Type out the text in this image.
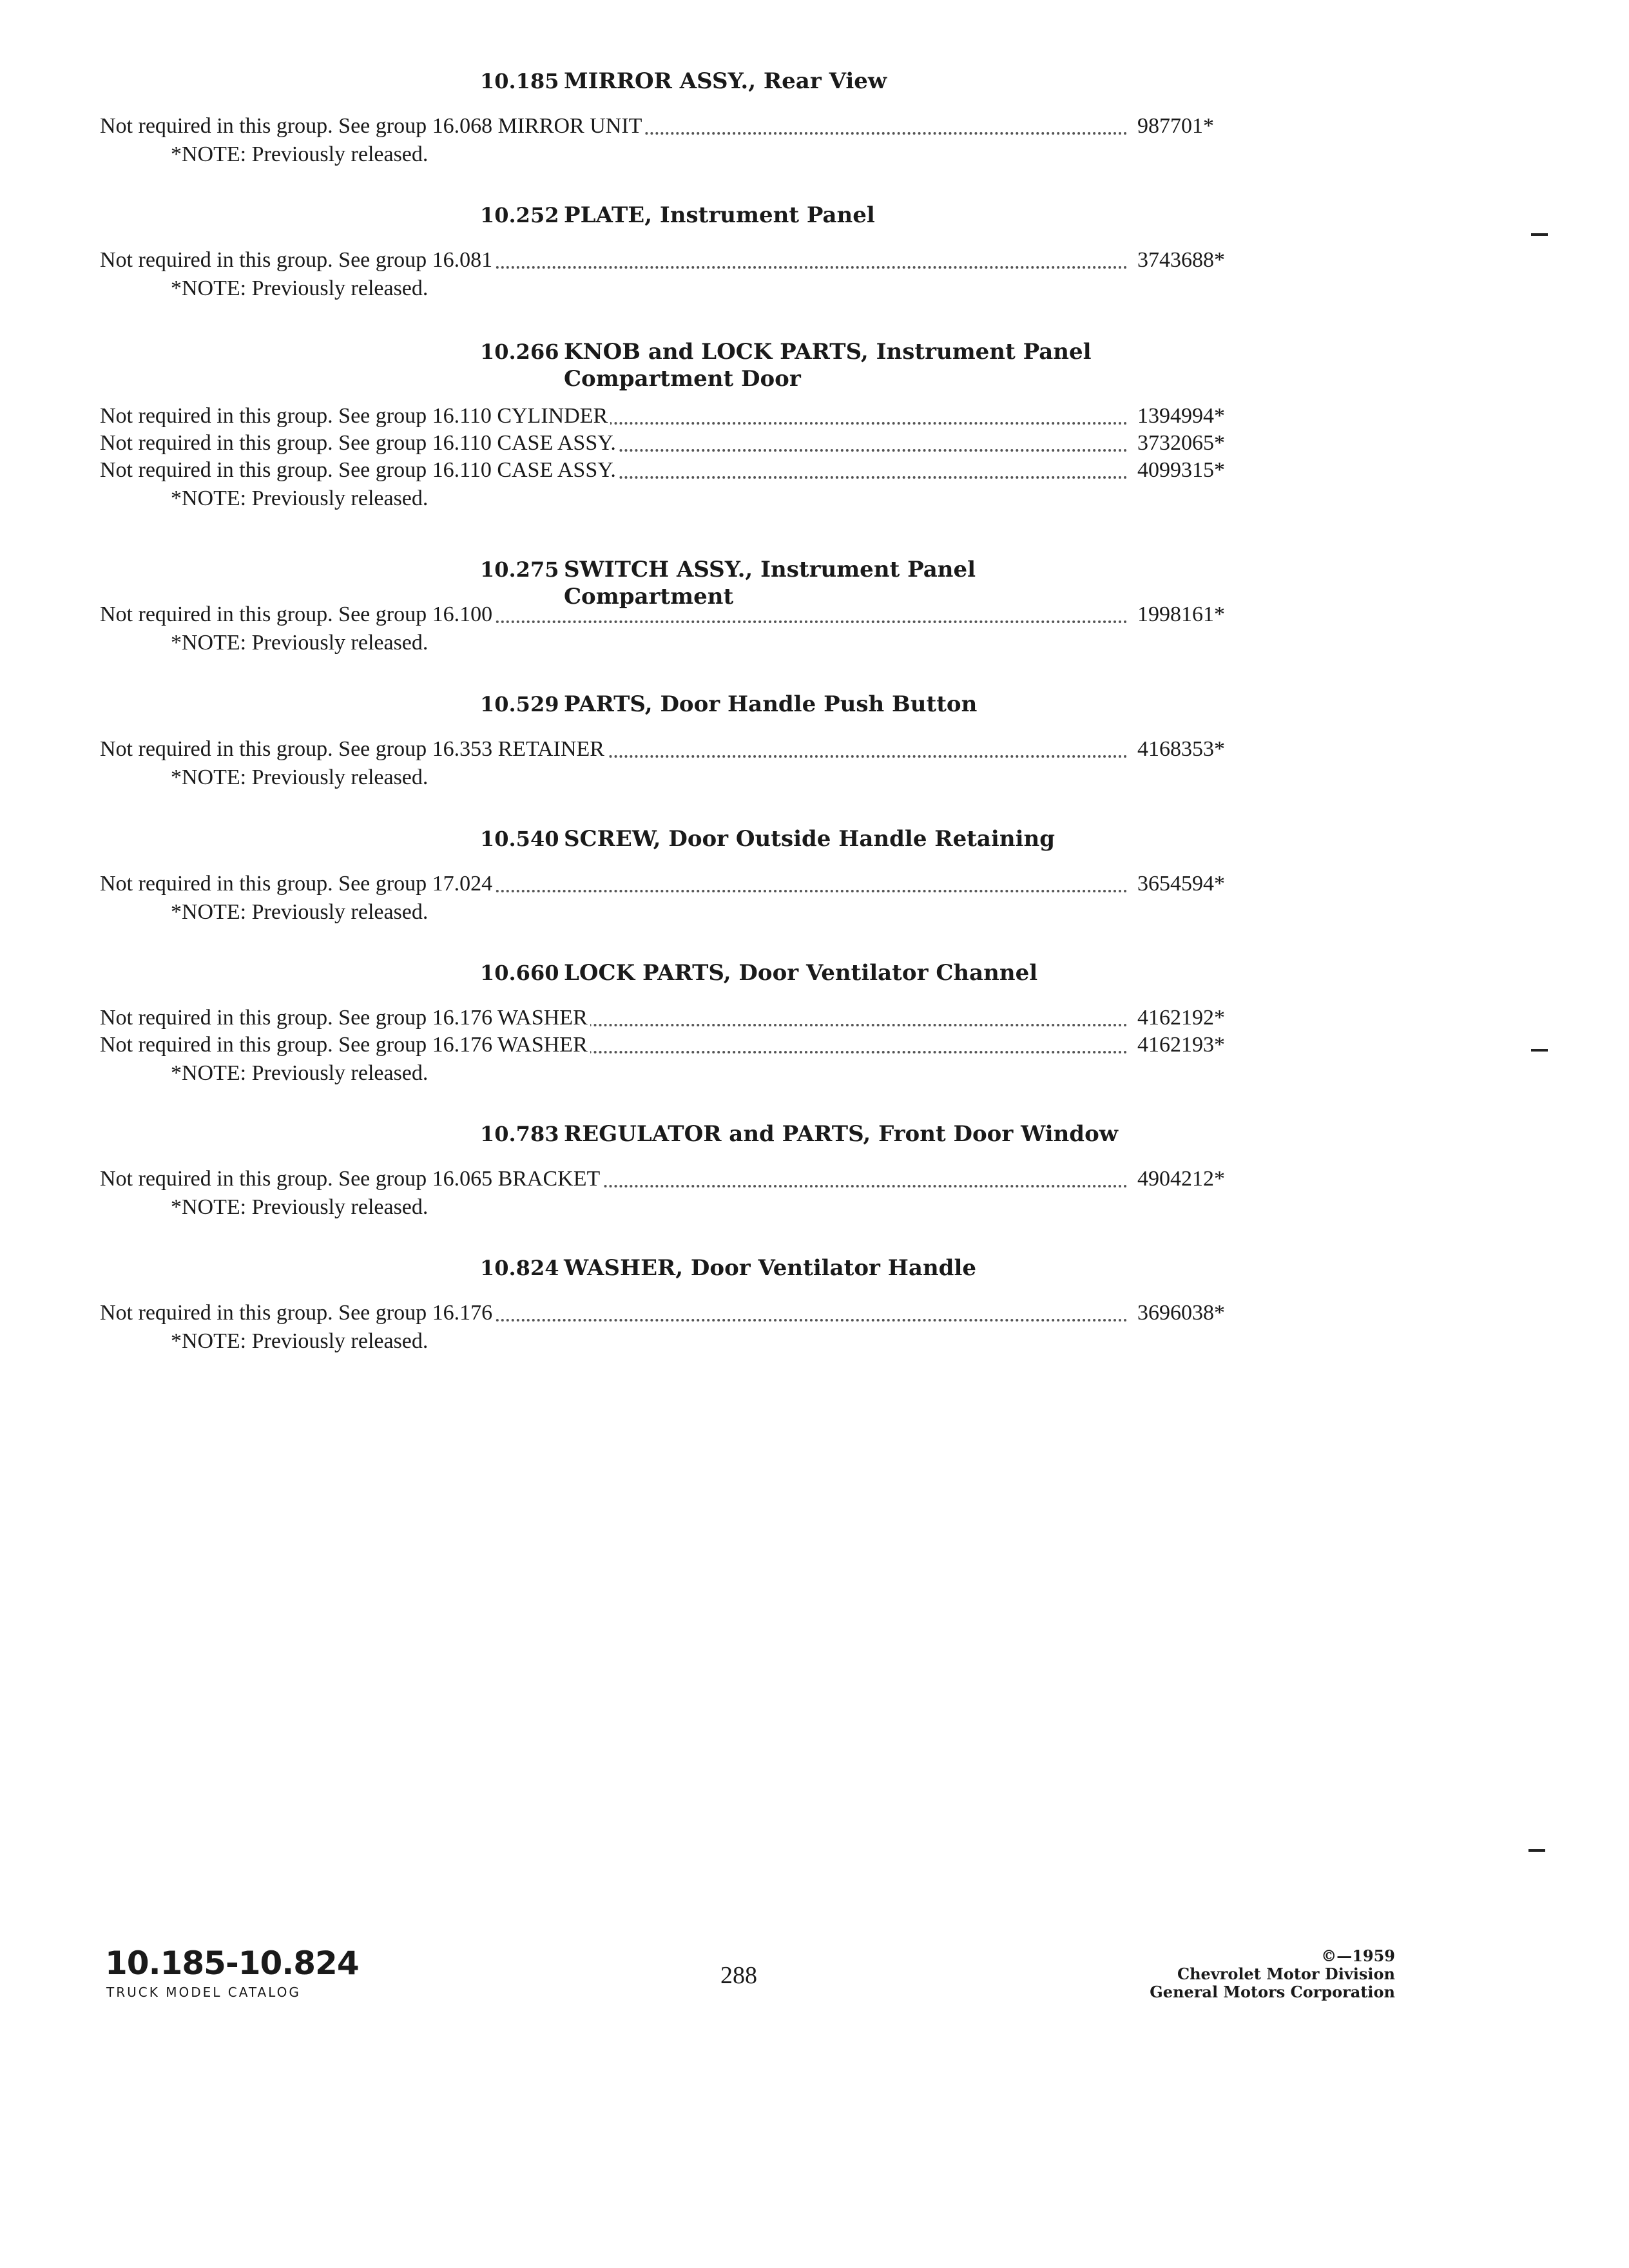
10.185 MIRROR ASSY., Rear View
Not required in this group. See group 16.068 MIRROR UNIT	987701*
*NOTE: Previously released.
10.252 PLATE, Instrument Panel
Not required in this group. See group 16.081	3743688*
*NOTE: Previously released.
10.266 KNOB and LOCK PARTS, Instrument Panel Compartment Door
Not required in this group. See group 16.110 CYLINDER	1394994*
Not required in this group. See group 16.110 CASE ASSY.	3732065*
Not required in this group. See group 16.110 CASE ASSY.	4099315*
*NOTE: Previously released.
10.275 SWITCH ASSY., Instrument Panel Compartment
Not required in this group. See group 16.100	1998161*
*NOTE: Previously released.
10.529 PARTS, Door Handle Push Button
Not required in this group. See group 16.353 RETAINER	4168353*
*NOTE: Previously released.
10.540 SCREW, Door Outside Handle Retaining
Not required in this group. See group 17.024	3654594*
*NOTE: Previously released.
10.660 LOCK PARTS, Door Ventilator Channel
Not required in this group. See group 16.176 WASHER	4162192*
Not required in this group. See group 16.176 WASHER	4162193*
*NOTE: Previously released.
10.783 REGULATOR and PARTS, Front Door Window
Not required in this group. See group 16.065 BRACKET	4904212*
*NOTE: Previously released.
10.824 WASHER, Door Ventilator Handle
Not required in this group. See group 16.176	3696038*
*NOTE: Previously released.
10.185-10.824
TRUCK MODEL CATALOG
288
©—1959
Chevrolet Motor Division
General Motors Corporation
